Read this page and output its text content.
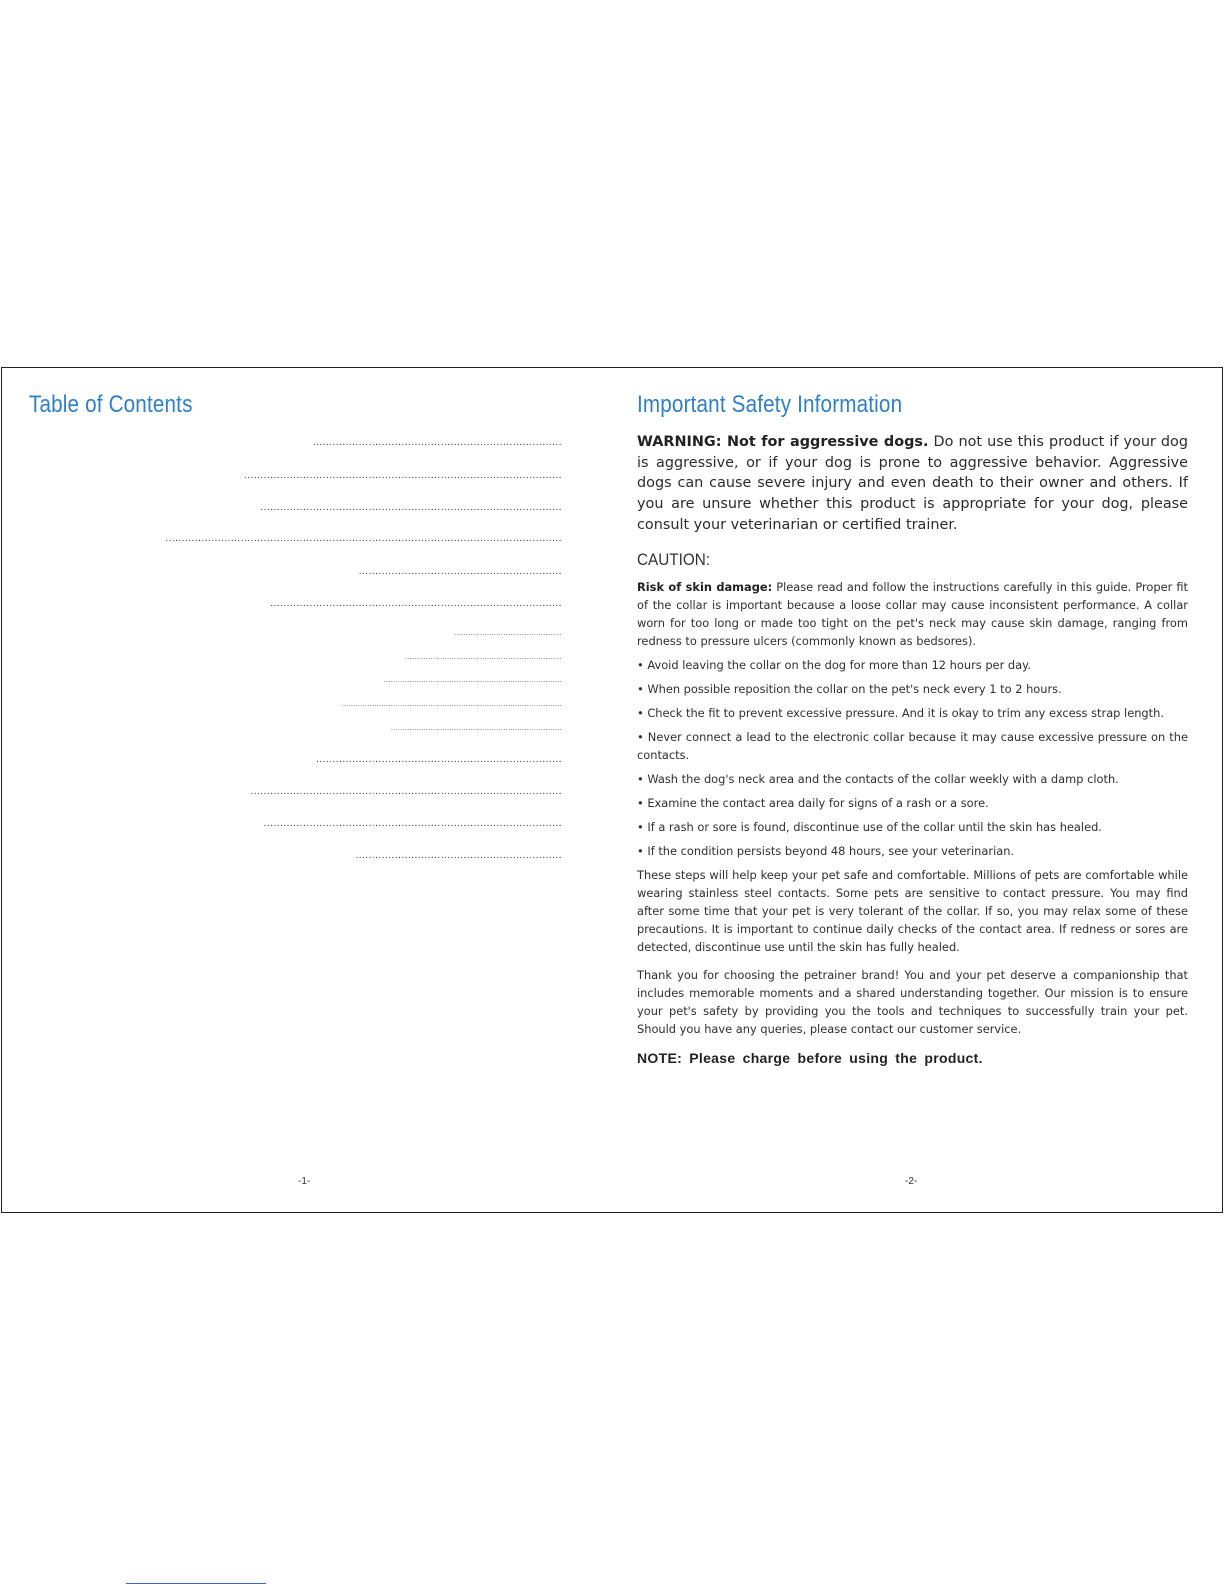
Table of Contents
............................................................................
.................................................................................................
............................................................................................
.........................................................................................................................
..............................................................
.........................................................................................
..............................................
...................................................................
............................................................................
..............................................................................................
.........................................................................
...........................................................................
...............................................................................................
...........................................................................................
...............................................................
-1-
Important Safety Information

WARNING: Not for aggressive dogs. Do not use this product if your dog is aggressive, or if your dog is prone to aggressive behavior. Aggressive dogs can cause severe injury and even death to their owner and others. If you are unsure whether this product is appropriate for your dog, please consult your veterinarian or certified trainer.

CAUTION:

Risk of skin damage: Please read and follow the instructions carefully in this guide. Proper fit of the collar is important because a loose collar may cause inconsistent performance. A collar worn for too long or made too tight on the pet's neck may cause skin damage, ranging from redness to pressure ulcers (commonly known as bedsores).

• Avoid leaving the collar on the dog for more than 12 hours per day.

• When possible reposition the collar on the pet's neck every 1 to 2 hours.

• Check the fit to prevent excessive pressure. And it is okay to trim any excess strap length.

• Never connect a lead to the electronic collar because it may cause excessive pressure on the contacts.

• Wash the dog's neck area and the contacts of the collar weekly with a damp cloth.

• Examine the contact area daily for signs of a rash or a sore.

• If a rash or sore is found, discontinue use of the collar until the skin has healed.

• If the condition persists beyond 48 hours, see your veterinarian.

These steps will help keep your pet safe and comfortable. Millions of pets are comfortable while wearing stainless steel contacts. Some pets are sensitive to contact pressure. You may find after some time that your pet is very tolerant of the collar. If so, you may relax some of these precautions. It is important to continue daily checks of the contact area. If redness or sores are detected, discontinue use until the skin has fully healed.

Thank you for choosing the petrainer brand! You and your pet deserve a companionship that includes memorable moments and a shared understanding together. Our mission is to ensure your pet's safety by providing you the tools and techniques to successfully train your pet. Should you have any queries, please contact our customer service.

NOTE: Please charge before using the product.

-2-
